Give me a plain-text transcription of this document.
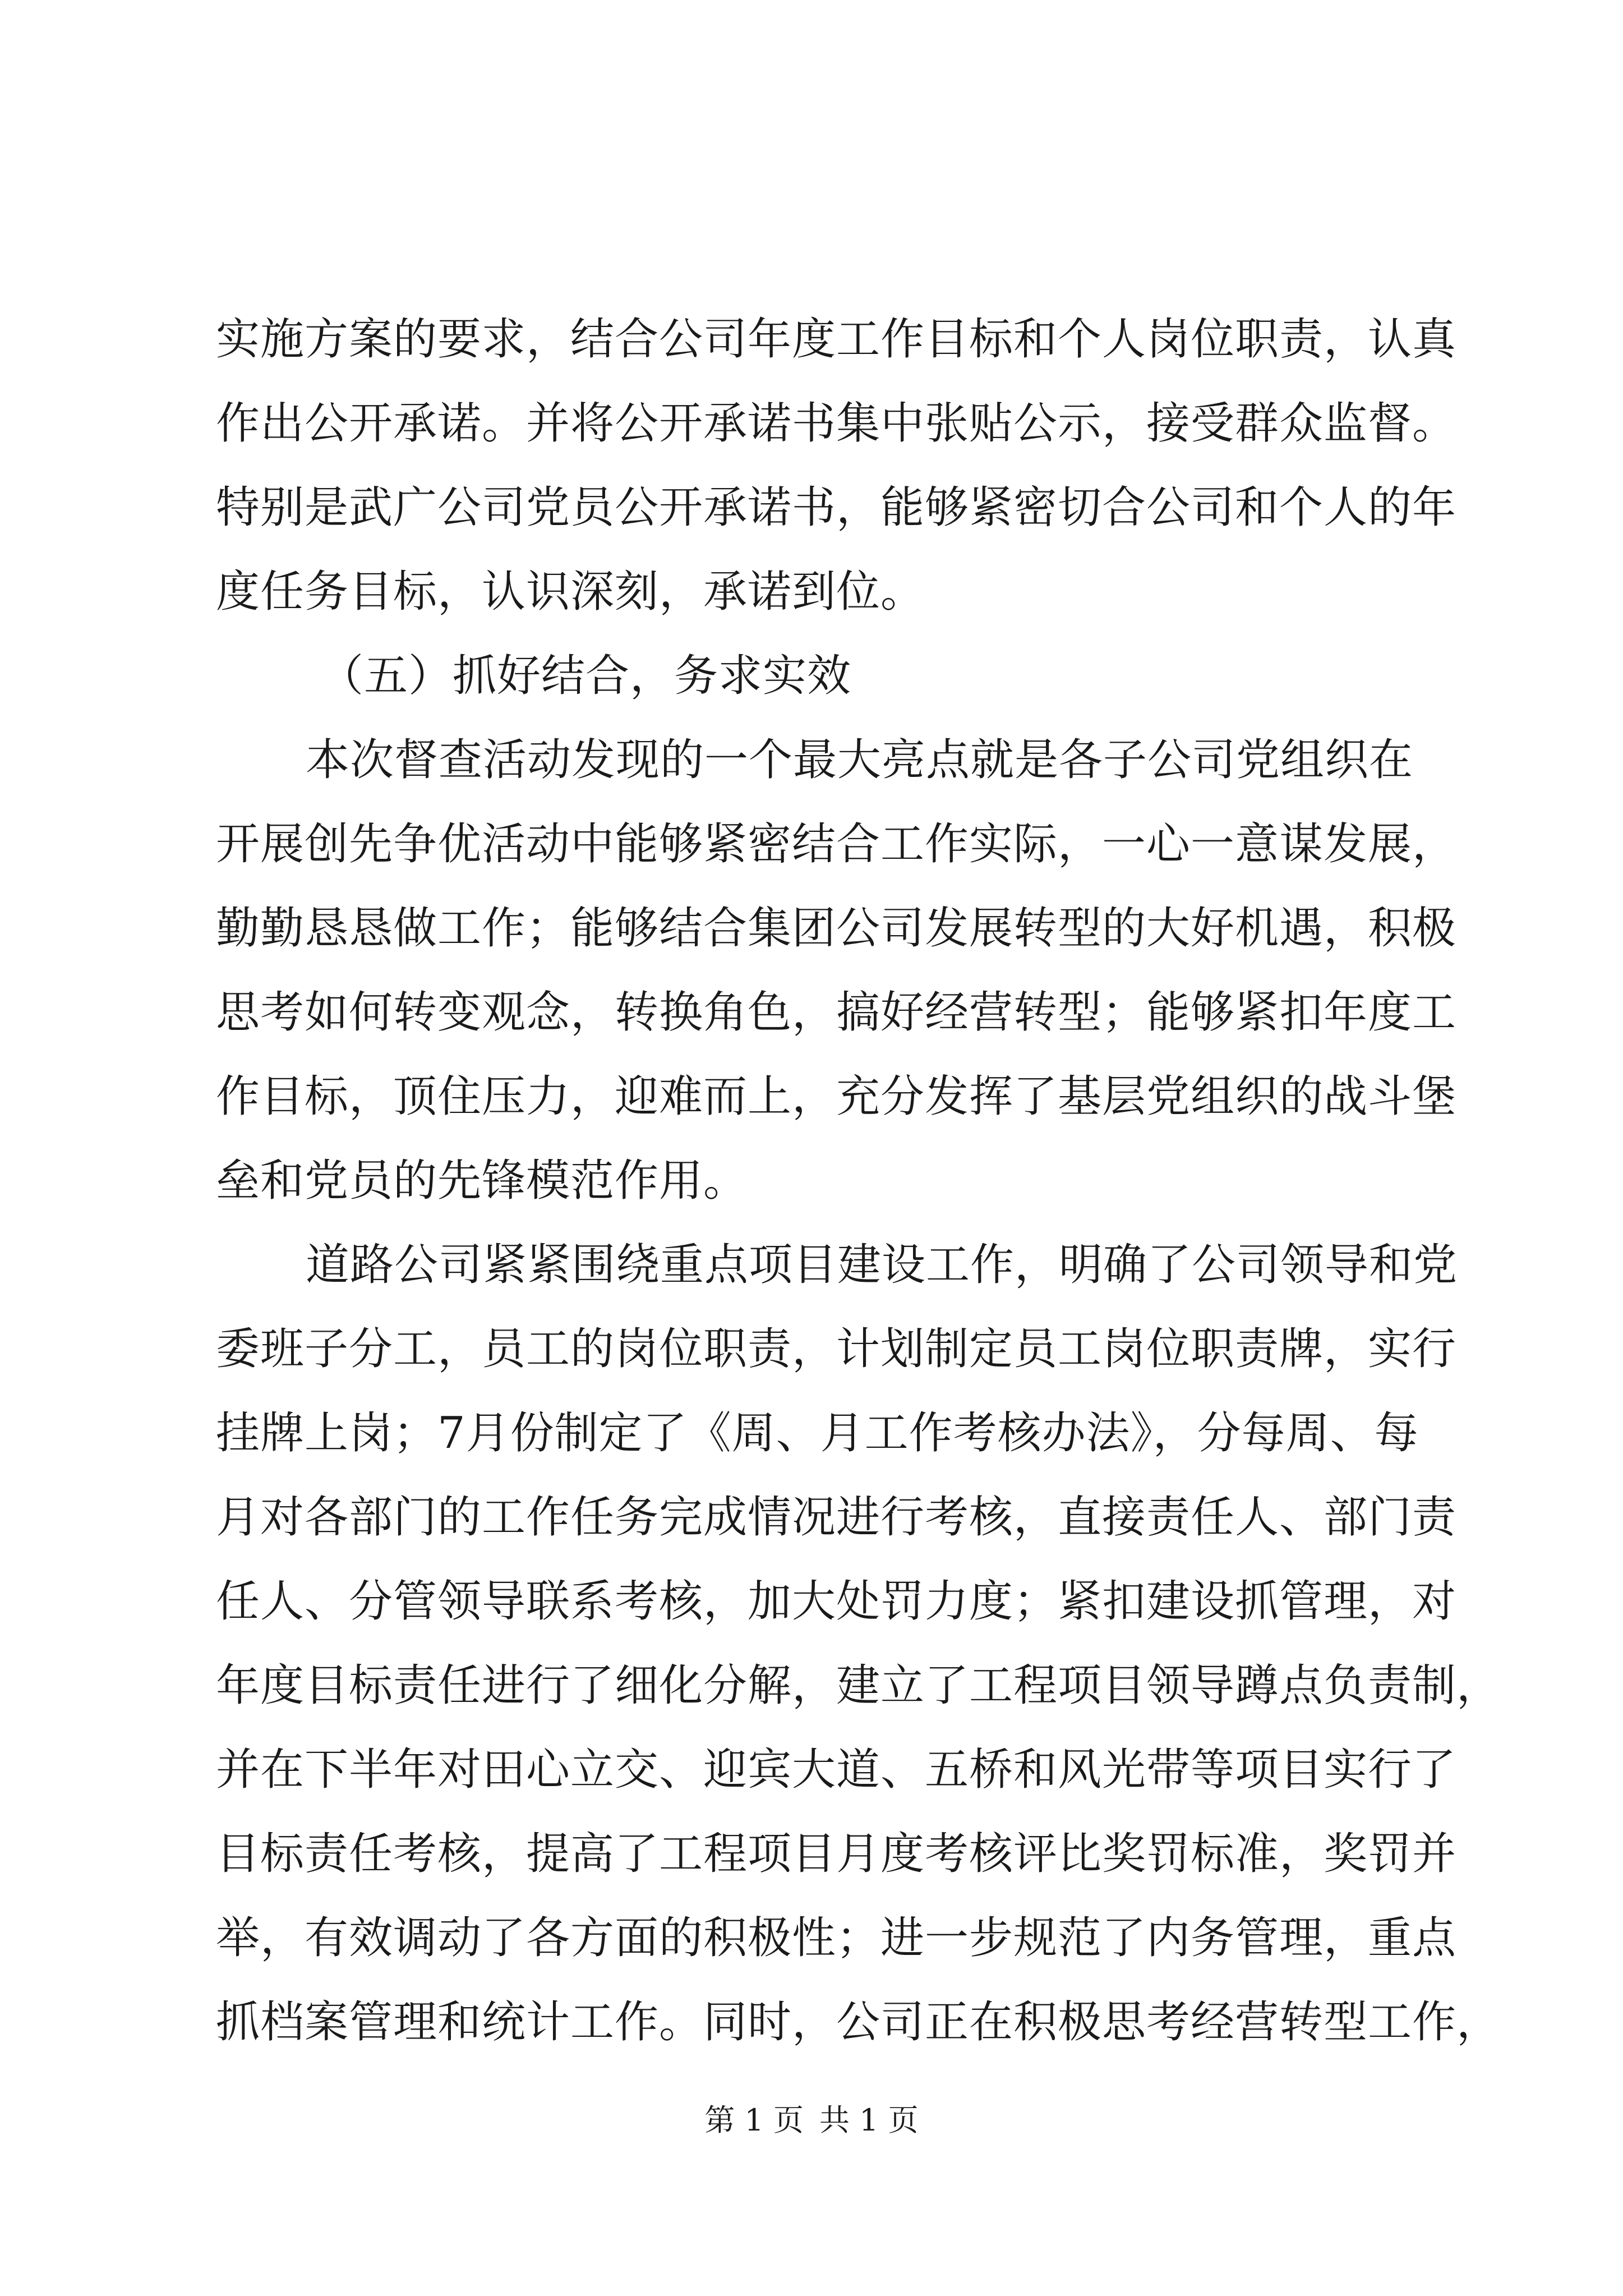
实施方案的要求，结合公司年度工作目标和个人岗位职责，认真
作出公开承诺。并将公开承诺书集中张贴公示，接受群众监督。
特别是武广公司党员公开承诺书，能够紧密切合公司和个人的年
度任务目标，认识深刻，承诺到位。
（五）抓好结合，务求实效
本次督查活动发现的一个最大亮点就是各子公司党组织在
开展创先争优活动中能够紧密结合工作实际，一心一意谋发展，
勤勤恳恳做工作；能够结合集团公司发展转型的大好机遇，积极
思考如何转变观念，转换角色，搞好经营转型；能够紧扣年度工
作目标，顶住压力，迎难而上，充分发挥了基层党组织的战斗堡
垒和党员的先锋模范作用。
道路公司紧紧围绕重点项目建设工作，明确了公司领导和党
委班子分工，员工的岗位职责，计划制定员工岗位职责牌，实行
挂牌上岗；7月份制定了《周、月工作考核办法》，分每周、每
月对各部门的工作任务完成情况进行考核，直接责任人、部门责
任人、分管领导联系考核，加大处罚力度；紧扣建设抓管理，对
年度目标责任进行了细化分解，建立了工程项目领导蹲点负责制，
并在下半年对田心立交、迎宾大道、五桥和风光带等项目实行了
目标责任考核，提高了工程项目月度考核评比奖罚标准，奖罚并
举，有效调动了各方面的积极性；进一步规范了内务管理，重点
抓档案管理和统计工作。同时，公司正在积极思考经营转型工作，
第 1 页 共 1 页
